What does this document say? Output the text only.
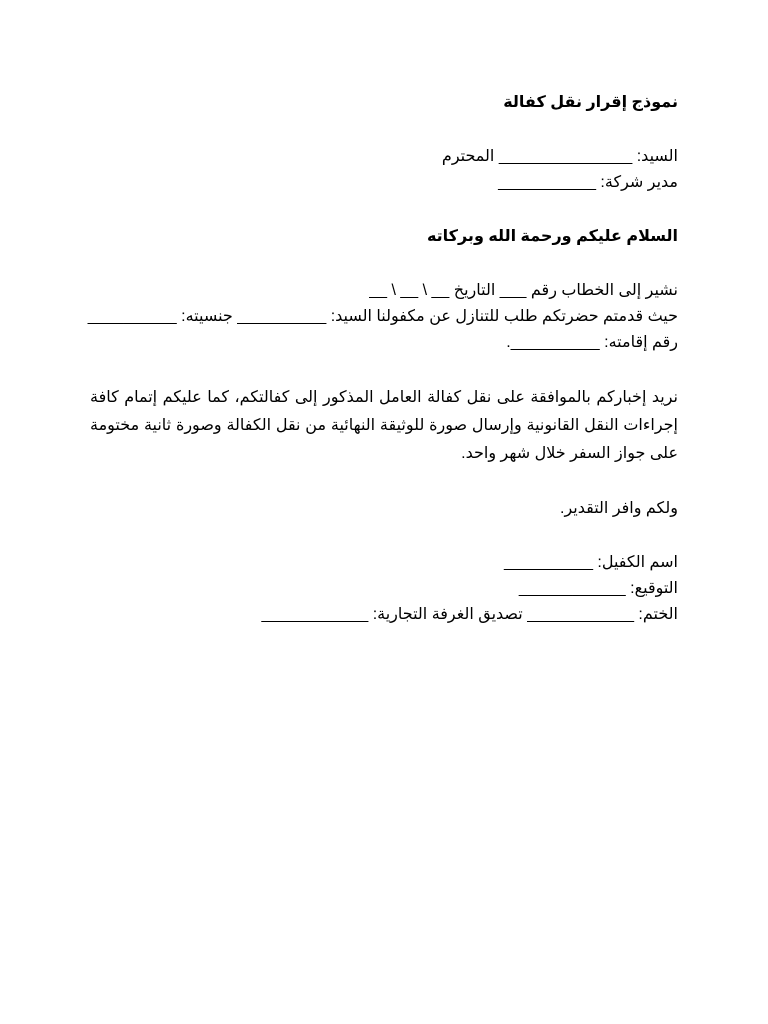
نموذج إقرار نقل كفالة
السيد: _______________ المحترم
مدير شركة: ___________
السلام عليكم ورحمة الله وبركاته
نشير إلى الخطاب رقم ___ التاريخ __ \ __ \ __
حيث قدمتم حضرتكم طلب للتنازل عن مكفولنا السيد: __________ جنسيته: __________
رقم إقامته: __________.
نريد إخباركم بالموافقة على نقل كفالة العامل المذكور إلى كفالتكم، كما عليكم إتمام كافة
إجراءات النقل القانونية وإرسال صورة للوثيقة النهائية من نقل الكفالة وصورة ثانية مختومة
على جواز السفر خلال شهر واحد.
ولكم وافر التقدير.
اسم الكفيل: __________
التوقيع: ____________
الختم: ____________ تصديق الغرفة التجارية: ____________
